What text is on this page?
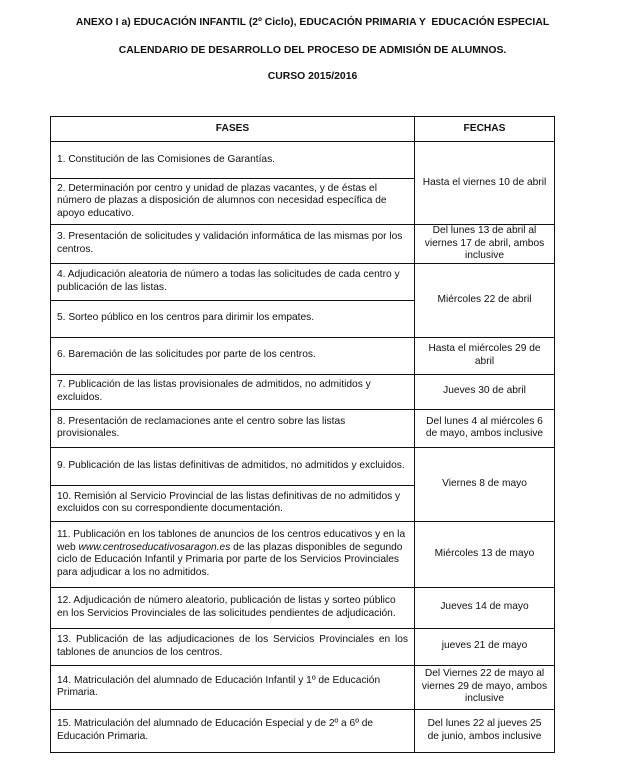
ANEXO I a) EDUCACIÓN INFANTIL (2º Ciclo), EDUCACIÓN PRIMARIA Y  EDUCACIÓN ESPECIAL
CALENDARIO DE DESARROLLO DEL PROCESO DE ADMISIÓN DE ALUMNOS.
CURSO 2015/2016
FASES	FECHAS
1. Constitución de las Comisiones de Garantías.	Hasta el viernes 10 de abril
2. Determinación por centro y unidad de plazas vacantes, y de éstas el número de plazas a disposición de alumnos con necesidad específica de apoyo educativo.	
3. Presentación de solicitudes y validación informática de las mismas por los centros.	Del lunes 13 de abril al viernes 17 de abril, ambos inclusive
4. Adjudicación aleatoria de número a todas las solicitudes de cada centro y publicación de las listas.	Miércoles 22 de abril
5. Sorteo público en los centros para dirimir los empates.	
6. Baremación de las solicitudes por parte de los centros.	Hasta el miércoles 29 de abril
7. Publicación de las listas provisionales de admitidos, no admitidos y excluidos.	Jueves 30 de abril
8. Presentación de reclamaciones ante el centro sobre las listas provisionales.	Del lunes 4 al miércoles 6 de mayo, ambos inclusive
9. Publicación de las listas definitivas de admitidos, no admitidos y excluidos.	Viernes 8 de mayo
10. Remisión al Servicio Provincial de las listas definitivas de no admitidos y excluidos con su correspondiente documentación.	
11. Publicación en los tablones de anuncios de los centros educativos y en la web www.centroseducativosaragon.es de las plazas disponibles de segundo ciclo de Educación Infantil y Primaria por parte de los Servicios Provinciales para adjudicar a los no admitidos.	Miércoles 13 de mayo
12. Adjudicación de número aleatorio, publicación de listas y sorteo público en los Servicios Provinciales de las solicitudes pendientes de adjudicación.	Jueves 14 de mayo
13. Publicación de las adjudicaciones de los Servicios Provinciales en los tablones de anuncios de los centros.	jueves 21 de mayo
14. Matriculación del alumnado de Educación Infantil y 1º de Educación Primaria.	Del Viernes 22 de mayo al viernes 29 de mayo, ambos inclusive
15. Matriculación del alumnado de Educación Especial y de 2º a 6º de Educación Primaria.	Del lunes 22 al jueves 25 de junio, ambos inclusive
